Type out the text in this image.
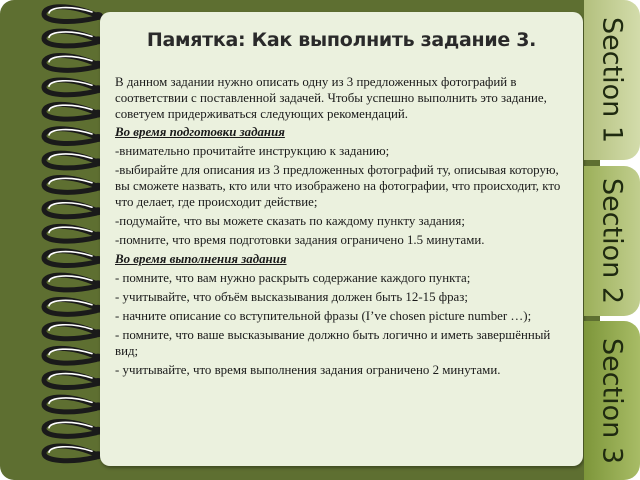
Памятка: Как выполнить задание 3.

В данном задании нужно описать одну из 3 предложенных фотографий в соответствии с поставленной задачей. Чтобы успешно выполнить это задание, советуем придерживаться следующих рекомендаций.

Во время подготовки задания

-внимательно прочитайте инструкцию к заданию;

-выбирайте для описания из 3 предложенных фотографий ту, описывая которую, вы сможете назвать, кто или что изображено на фотографии, что происходит, кто что делает, где происходит действие;

-подумайте, что вы можете сказать по каждому пункту задания;

-помните, что время подготовки задания ограничено 1.5 минутами.

Во время выполнения задания

- помните, что вам нужно раскрыть содержание каждого пункта;

- учитывайте, что объём высказывания должен быть 12-15 фраз;

- начните описание со вступительной фразы (I’ve chosen picture number …);

- помните, что ваше высказывание должно быть логично и иметь завершённый вид;

- учитывайте, что время выполнения задания ограничено 2 минутами.

Section 1
Section 2
Section 3
